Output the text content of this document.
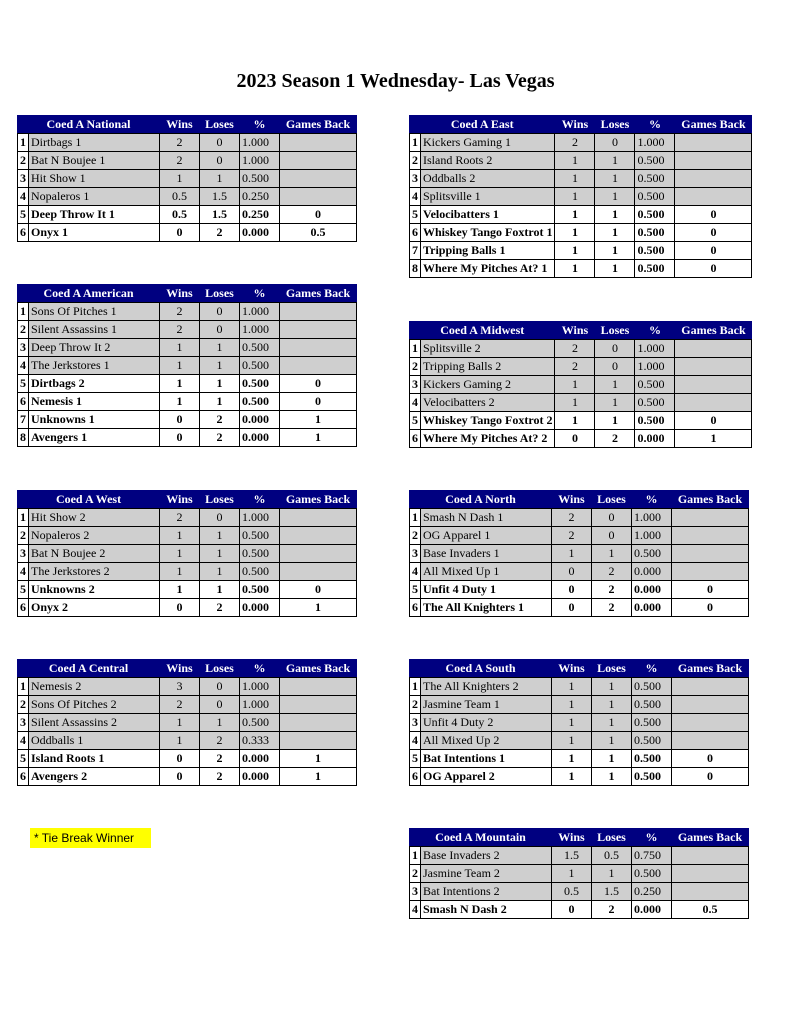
2023 Season 1 Wednesday- Las Vegas
Coed A National		Wins	Loses	%	Games Back
1	Dirtbags 1	2	0	1.000	
2	Bat N Boujee 1	2	0	1.000	
3	Hit Show 1	1	1	0.500	
4	Nopaleros 1	0.5	1.5	0.250	
5	Deep Throw It 1	0.5	1.5	0.250	0
6	Onyx 1	0	2	0.000	0.5
Coed A East		Wins	Loses	%	Games Back
1	Kickers Gaming 1	2	0	1.000	
2	Island Roots 2	1	1	0.500	
3	Oddballs 2	1	1	0.500	
4	Splitsville 1	1	1	0.500	
5	Velocibatters 1	1	1	0.500	0
6	Whiskey Tango Foxtrot 1	1	1	0.500	0
7	Tripping Balls 1	1	1	0.500	0
8	Where My Pitches At? 1	1	1	0.500	0
Coed A American		Wins	Loses	%	Games Back
1	Sons Of Pitches 1	2	0	1.000	
2	Silent Assassins 1	2	0	1.000	
3	Deep Throw It 2	1	1	0.500	
4	The Jerkstores 1	1	1	0.500	
5	Dirtbags 2	1	1	0.500	0
6	Nemesis 1	1	1	0.500	0
7	Unknowns 1	0	2	0.000	1
8	Avengers 1	0	2	0.000	1
Coed A Midwest		Wins	Loses	%	Games Back
1	Splitsville 2	2	0	1.000	
2	Tripping Balls 2	2	0	1.000	
3	Kickers Gaming 2	1	1	0.500	
4	Velocibatters 2	1	1	0.500	
5	Whiskey Tango Foxtrot 2	1	1	0.500	0
6	Where My Pitches At? 2	0	2	0.000	1
Coed A West		Wins	Loses	%	Games Back
1	Hit Show 2	2	0	1.000	
2	Nopaleros 2	1	1	0.500	
3	Bat N Boujee 2	1	1	0.500	
4	The Jerkstores 2	1	1	0.500	
5	Unknowns 2	1	1	0.500	0
6	Onyx 2	0	2	0.000	1
Coed A North		Wins	Loses	%	Games Back
1	Smash N Dash 1	2	0	1.000	
2	OG Apparel 1	2	0	1.000	
3	Base Invaders 1	1	1	0.500	
4	All Mixed Up 1	0	2	0.000	
5	Unfit 4 Duty 1	0	2	0.000	0
6	The All Knighters 1	0	2	0.000	0
Coed A Central		Wins	Loses	%	Games Back
1	Nemesis 2	3	0	1.000	
2	Sons Of Pitches 2	2	0	1.000	
3	Silent Assassins 2	1	1	0.500	
4	Oddballs 1	1	2	0.333	
5	Island Roots 1	0	2	0.000	1
6	Avengers 2	0	2	0.000	1
Coed A South		Wins	Loses	%	Games Back
1	The All Knighters 2	1	1	0.500	
2	Jasmine Team 1	1	1	0.500	
3	Unfit 4 Duty 2	1	1	0.500	
4	All Mixed Up 2	1	1	0.500	
5	Bat Intentions 1	1	1	0.500	0
6	OG Apparel 2	1	1	0.500	0
Coed A Mountain		Wins	Loses	%	Games Back
1	Base Invaders 2	1.5	0.5	0.750	
2	Jasmine Team 2	1	1	0.500	
3	Bat Intentions 2	0.5	1.5	0.250	
4	Smash N Dash 2	0	2	0.000	0.5
* Tie Break Winner
